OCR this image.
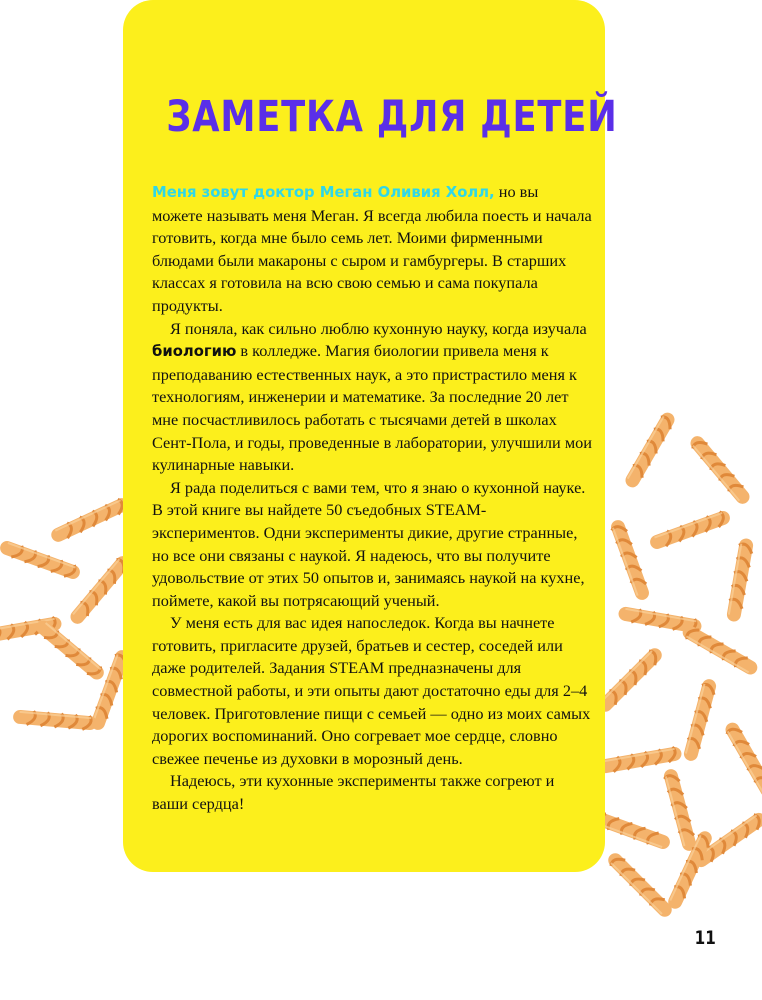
ЗАМЕТКА ДЛЯ ДЕТЕЙ

Меня зовут доктор Меган Оливия Холл, но вы можете называть меня Меган. Я всегда любила поесть и начала готовить, когда мне было семь лет. Моими фирменными блюдами были макароны с сыром и гамбургеры. В старших классах я готовила на всю свою семью и сама покупала продукты.

Я поняла, как сильно люблю кухонную науку, когда изучала биологию в колледже. Магия биологии привела меня к преподаванию естественных наук, а это пристрастило меня к технологиям, инженерии и математике. За последние 20 лет мне посчастливилось работать с тысячами детей в школах Сент-Пола, и годы, проведенные в лаборатории, улучшили мои кулинарные навыки.

Я рада поделиться с вами тем, что я знаю о кухонной науке. В этой книге вы найдете 50 съедобных STEAM-экспериментов. Одни эксперименты дикие, другие странные, но все они связаны с наукой. Я надеюсь, что вы получите удовольствие от этих 50 опытов и, занимаясь наукой на кухне, поймете, какой вы потрясающий ученый.

У меня есть для вас идея напоследок. Когда вы начнете готовить, пригласите друзей, братьев и сестер, соседей или даже родителей. Задания STEAM предназначены для совместной работы, и эти опыты дают достаточно еды для 2–4 человек. Приготовление пищи с семьей — одно из моих самых дорогих воспоминаний. Оно согревает мое сердце, словно свежее печенье из духовки в морозный день.

Надеюсь, эти кухонные эксперименты также согреют и ваши сердца!

11
